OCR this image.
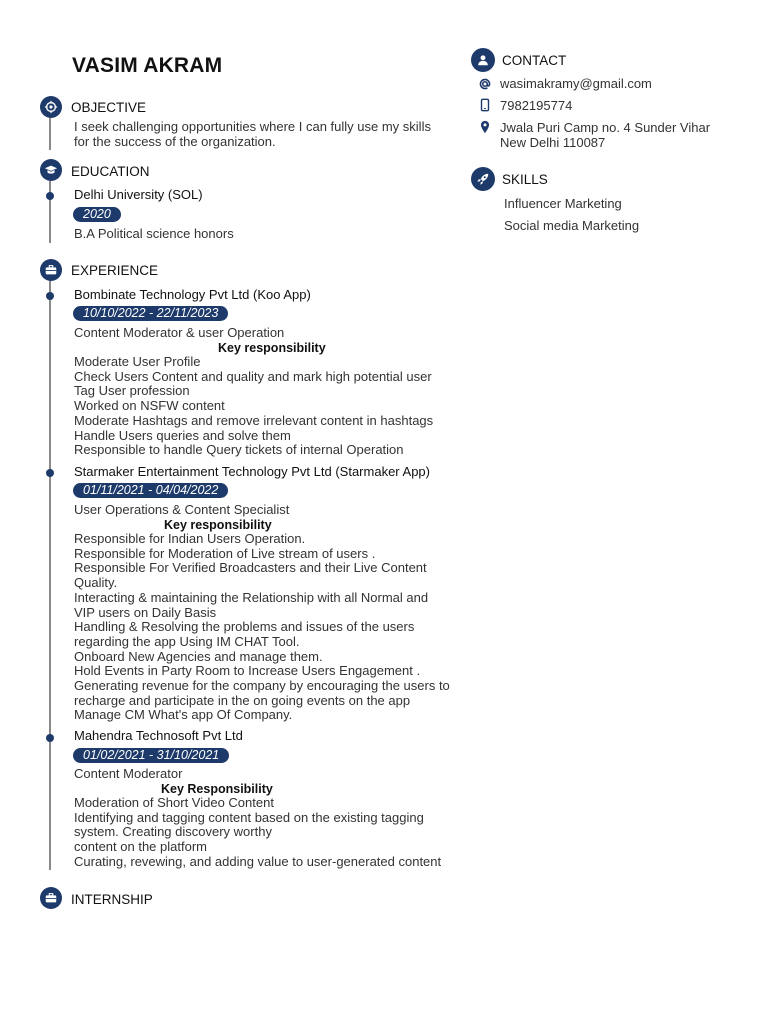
VASIM AKRAM
OBJECTIVE
I seek challenging opportunities where I can fully use my skills
for the success of the organization.
EDUCATION
Delhi University (SOL)
2020
B.A Political science honors
EXPERIENCE
Bombinate Technology Pvt Ltd (Koo App)
10/10/2022 - 22/11/2023
Content Moderator & user Operation
Key responsibility
Moderate User Profile
Check Users Content and quality and mark high potential user
Tag User profession
Worked on NSFW content
Moderate Hashtags and remove irrelevant content in hashtags
Handle Users queries and solve them
Responsible to handle Query tickets of internal Operation
Starmaker Entertainment Technology Pvt Ltd (Starmaker App)
01/11/2021 - 04/04/2022
User Operations & Content Specialist
Key responsibility
Responsible for Indian Users Operation.
Responsible for Moderation of Live stream of users .
Responsible For Verified Broadcasters and their Live Content
Quality.
Interacting & maintaining the Relationship with all Normal and
VIP users on Daily Basis
Handling & Resolving the problems and issues of the users
regarding the app Using IM CHAT Tool.
Onboard New Agencies and manage them.
Hold Events in Party Room to Increase Users Engagement .
Generating revenue for the company by encouraging the users to
recharge and participate in the on going events on the app
Manage CM What's app Of Company.
Mahendra Technosoft Pvt Ltd
01/02/2021 - 31/10/2021
Content Moderator
Key Responsibility
Moderation of Short Video Content
Identifying and tagging content based on the existing tagging
system. Creating discovery worthy
content on the platform
Curating, revewing, and adding value to user-generated content
INTERNSHIP
CONTACT
wasimakramy@gmail.com
7982195774
Jwala Puri Camp no. 4 Sunder Vihar
New Delhi 110087
SKILLS
Influencer Marketing
Social media Marketing
